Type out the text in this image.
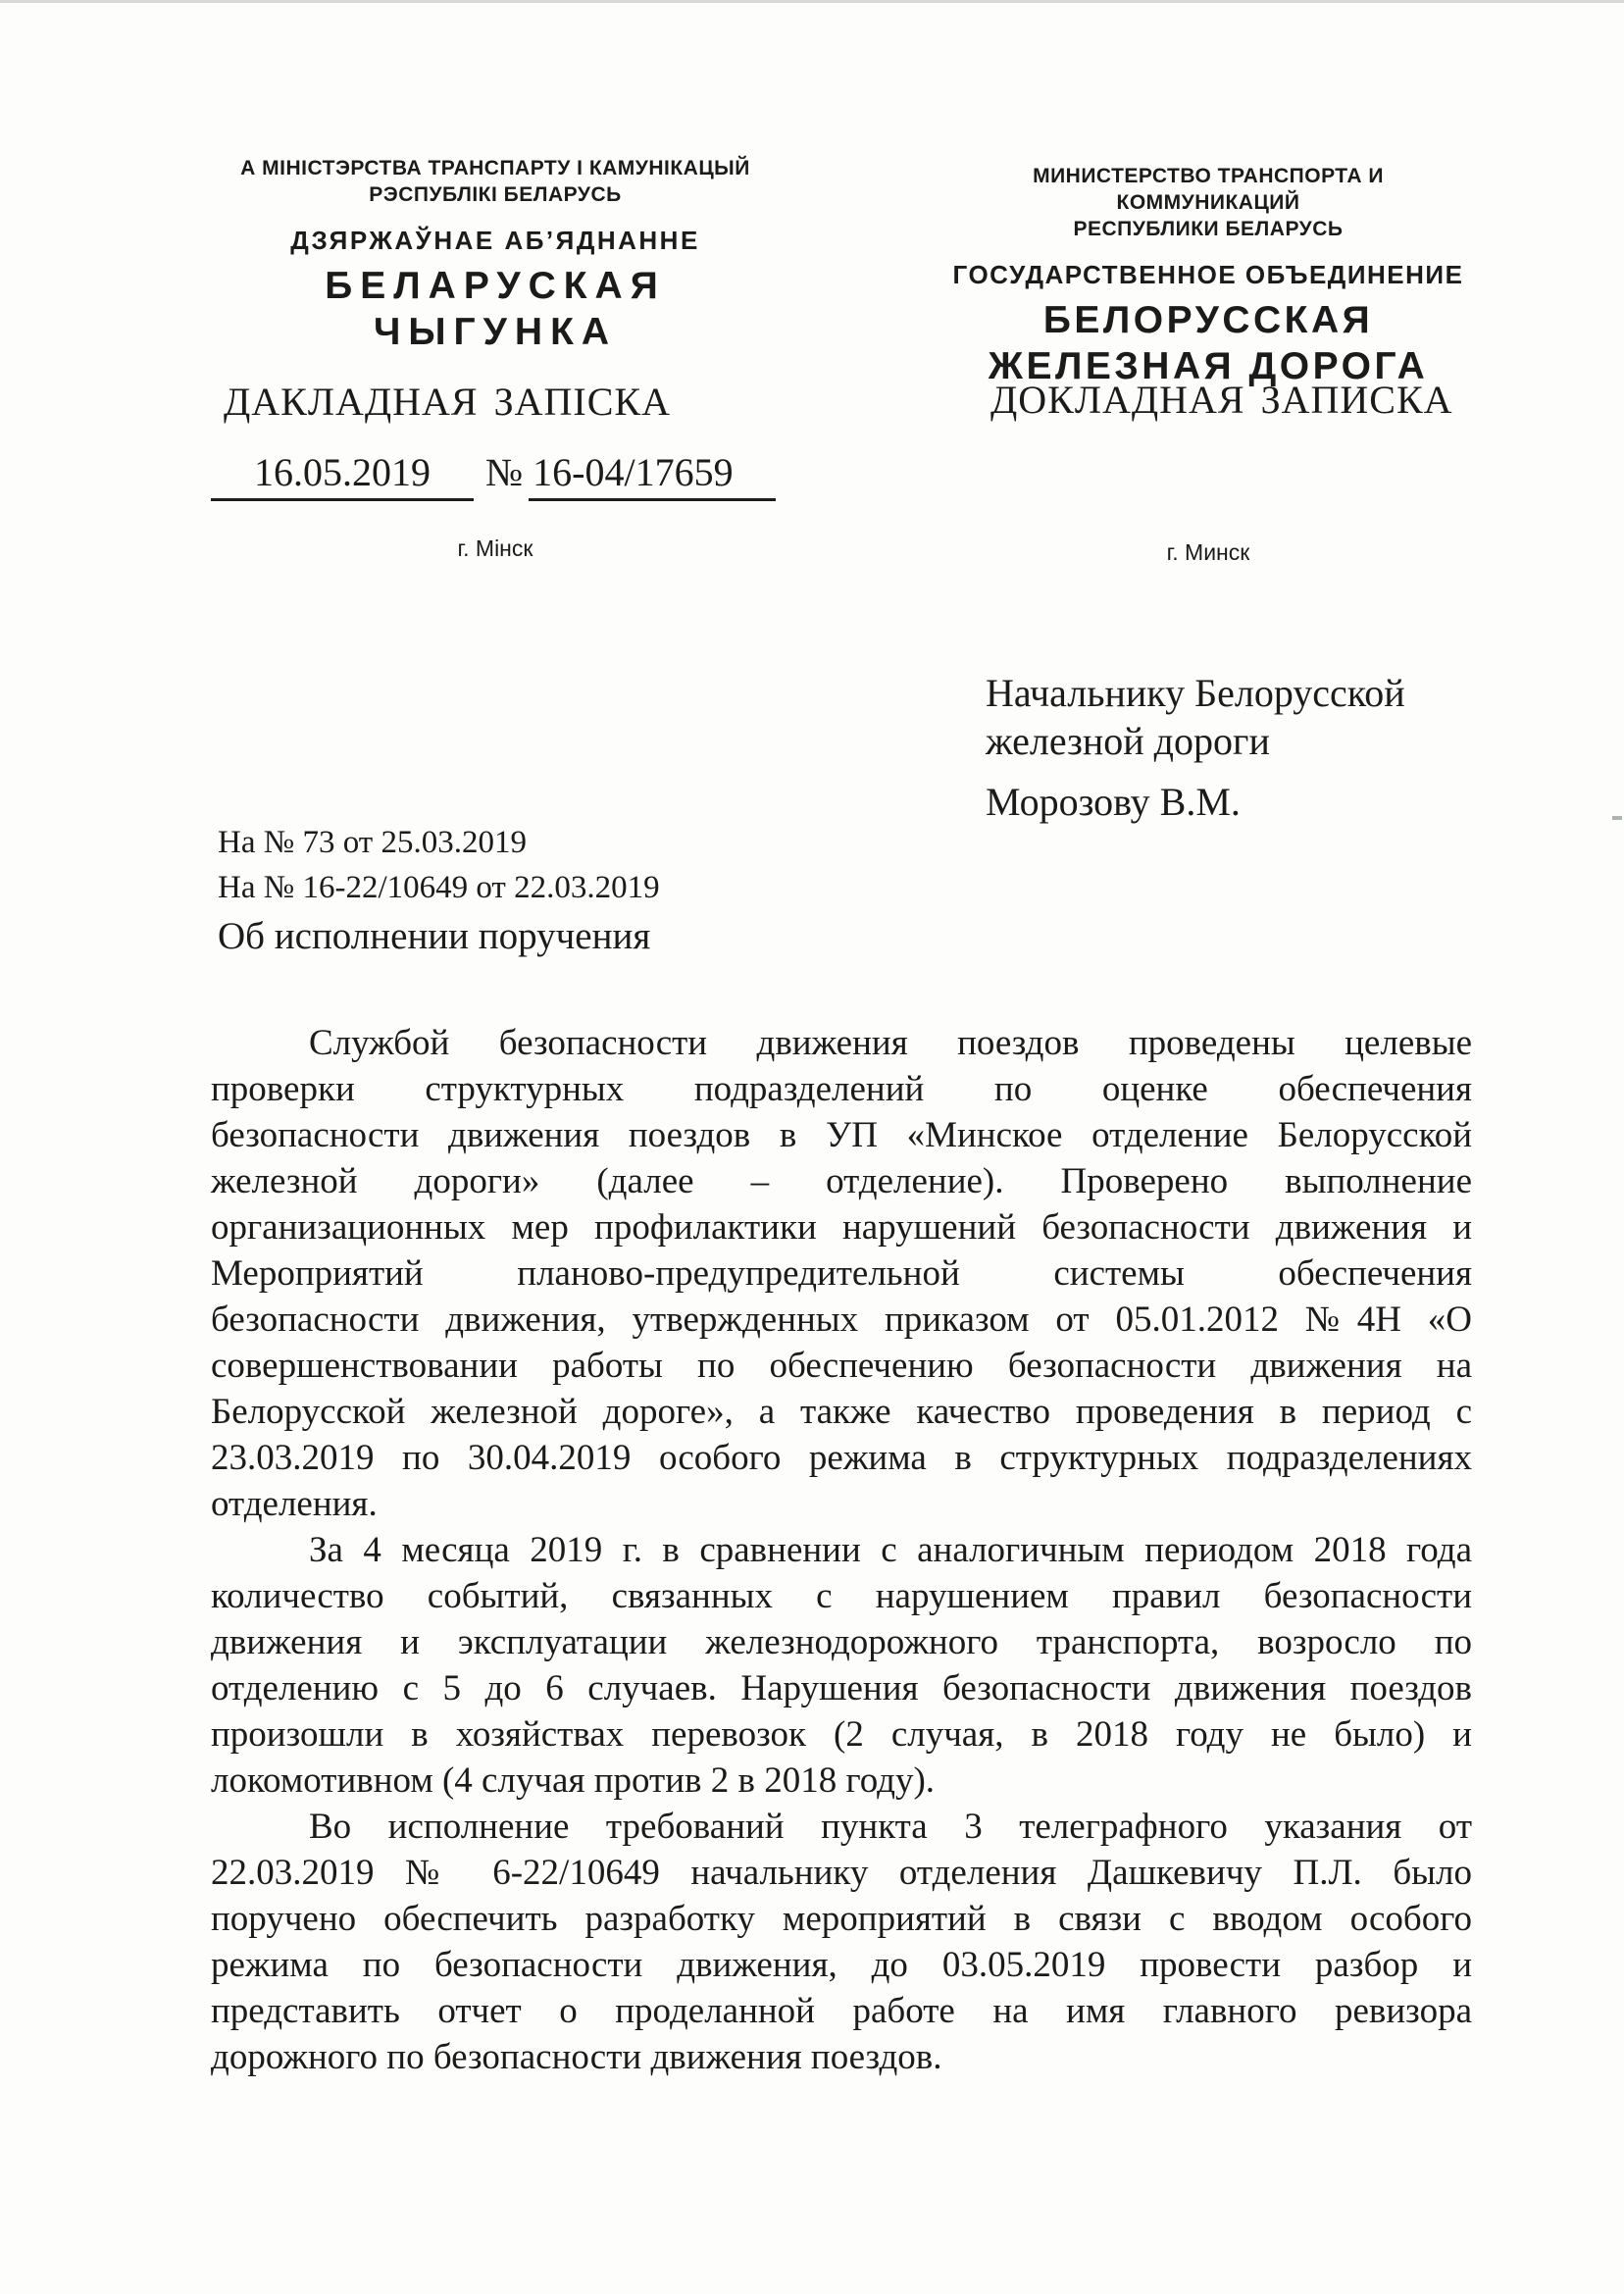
А МІНІСТЭРСТВА ТРАНСПАРТУ І КАМУНІКАЦЫЙ
РЭСПУБЛІКІ БЕЛАРУСЬ
ДЗЯРЖАЎНАЕ АБ’ЯДНАННЕ
БЕЛАРУСКАЯ
ЧЫГУНКА
МИНИСТЕРСТВО ТРАНСПОРТА И КОММУНИКАЦИЙ
РЕСПУБЛИКИ БЕЛАРУСЬ
ГОСУДАРСТВЕННОЕ ОБЪЕДИНЕНИЕ
БЕЛОРУССКАЯ
ЖЕЛЕЗНАЯ ДОРОГА
ДАКЛАДНАЯ ЗАПІСКА	ДОКЛАДНАЯ ЗАПИСКА
16.05.2019	№ 16-04/17659
г. Мінск	г. Минск
Начальнику Белорусской
железной дороги
Морозову В.М.
На № 73 от 25.03.2019
На № 16-22/10649 от 22.03.2019
Об исполнении поручения
Службой безопасности движения поездов проведены целевые
проверки структурных подразделений по оценке обеспечения
безопасности движения поездов в УП «Минское отделение Белорусской
железной дороги» (далее – отделение). Проверено выполнение
организационных мер профилактики нарушений безопасности движения и
Мероприятий планово-предупредительной системы обеспечения
безопасности движения, утвержденных приказом от 05.01.2012 №4Н «О
совершенствовании работы по обеспечению безопасности движения на
Белорусской железной дороге», а также качество проведения в период с
23.03.2019 по 30.04.2019 особого режима в структурных подразделениях
отделения.
За 4 месяца 2019 г. в сравнении с аналогичным периодом 2018 года
количество событий, связанных с нарушением правил безопасности
движения и эксплуатации железнодорожного транспорта, возросло по
отделению с 5 до 6 случаев. Нарушения безопасности движения поездов
произошли в хозяйствах перевозок (2 случая, в 2018 году не было) и
локомотивном (4 случая против 2 в 2018 году).
Во исполнение требований пункта 3 телеграфного указания от
22.03.2019 № 6-22/10649 начальнику отделения Дашкевичу П.Л. было
поручено обеспечить разработку мероприятий в связи с вводом особого
режима по безопасности движения, до 03.05.2019 провести разбор и
представить отчет о проделанной работе на имя главного ревизора
дорожного по безопасности движения поездов.
